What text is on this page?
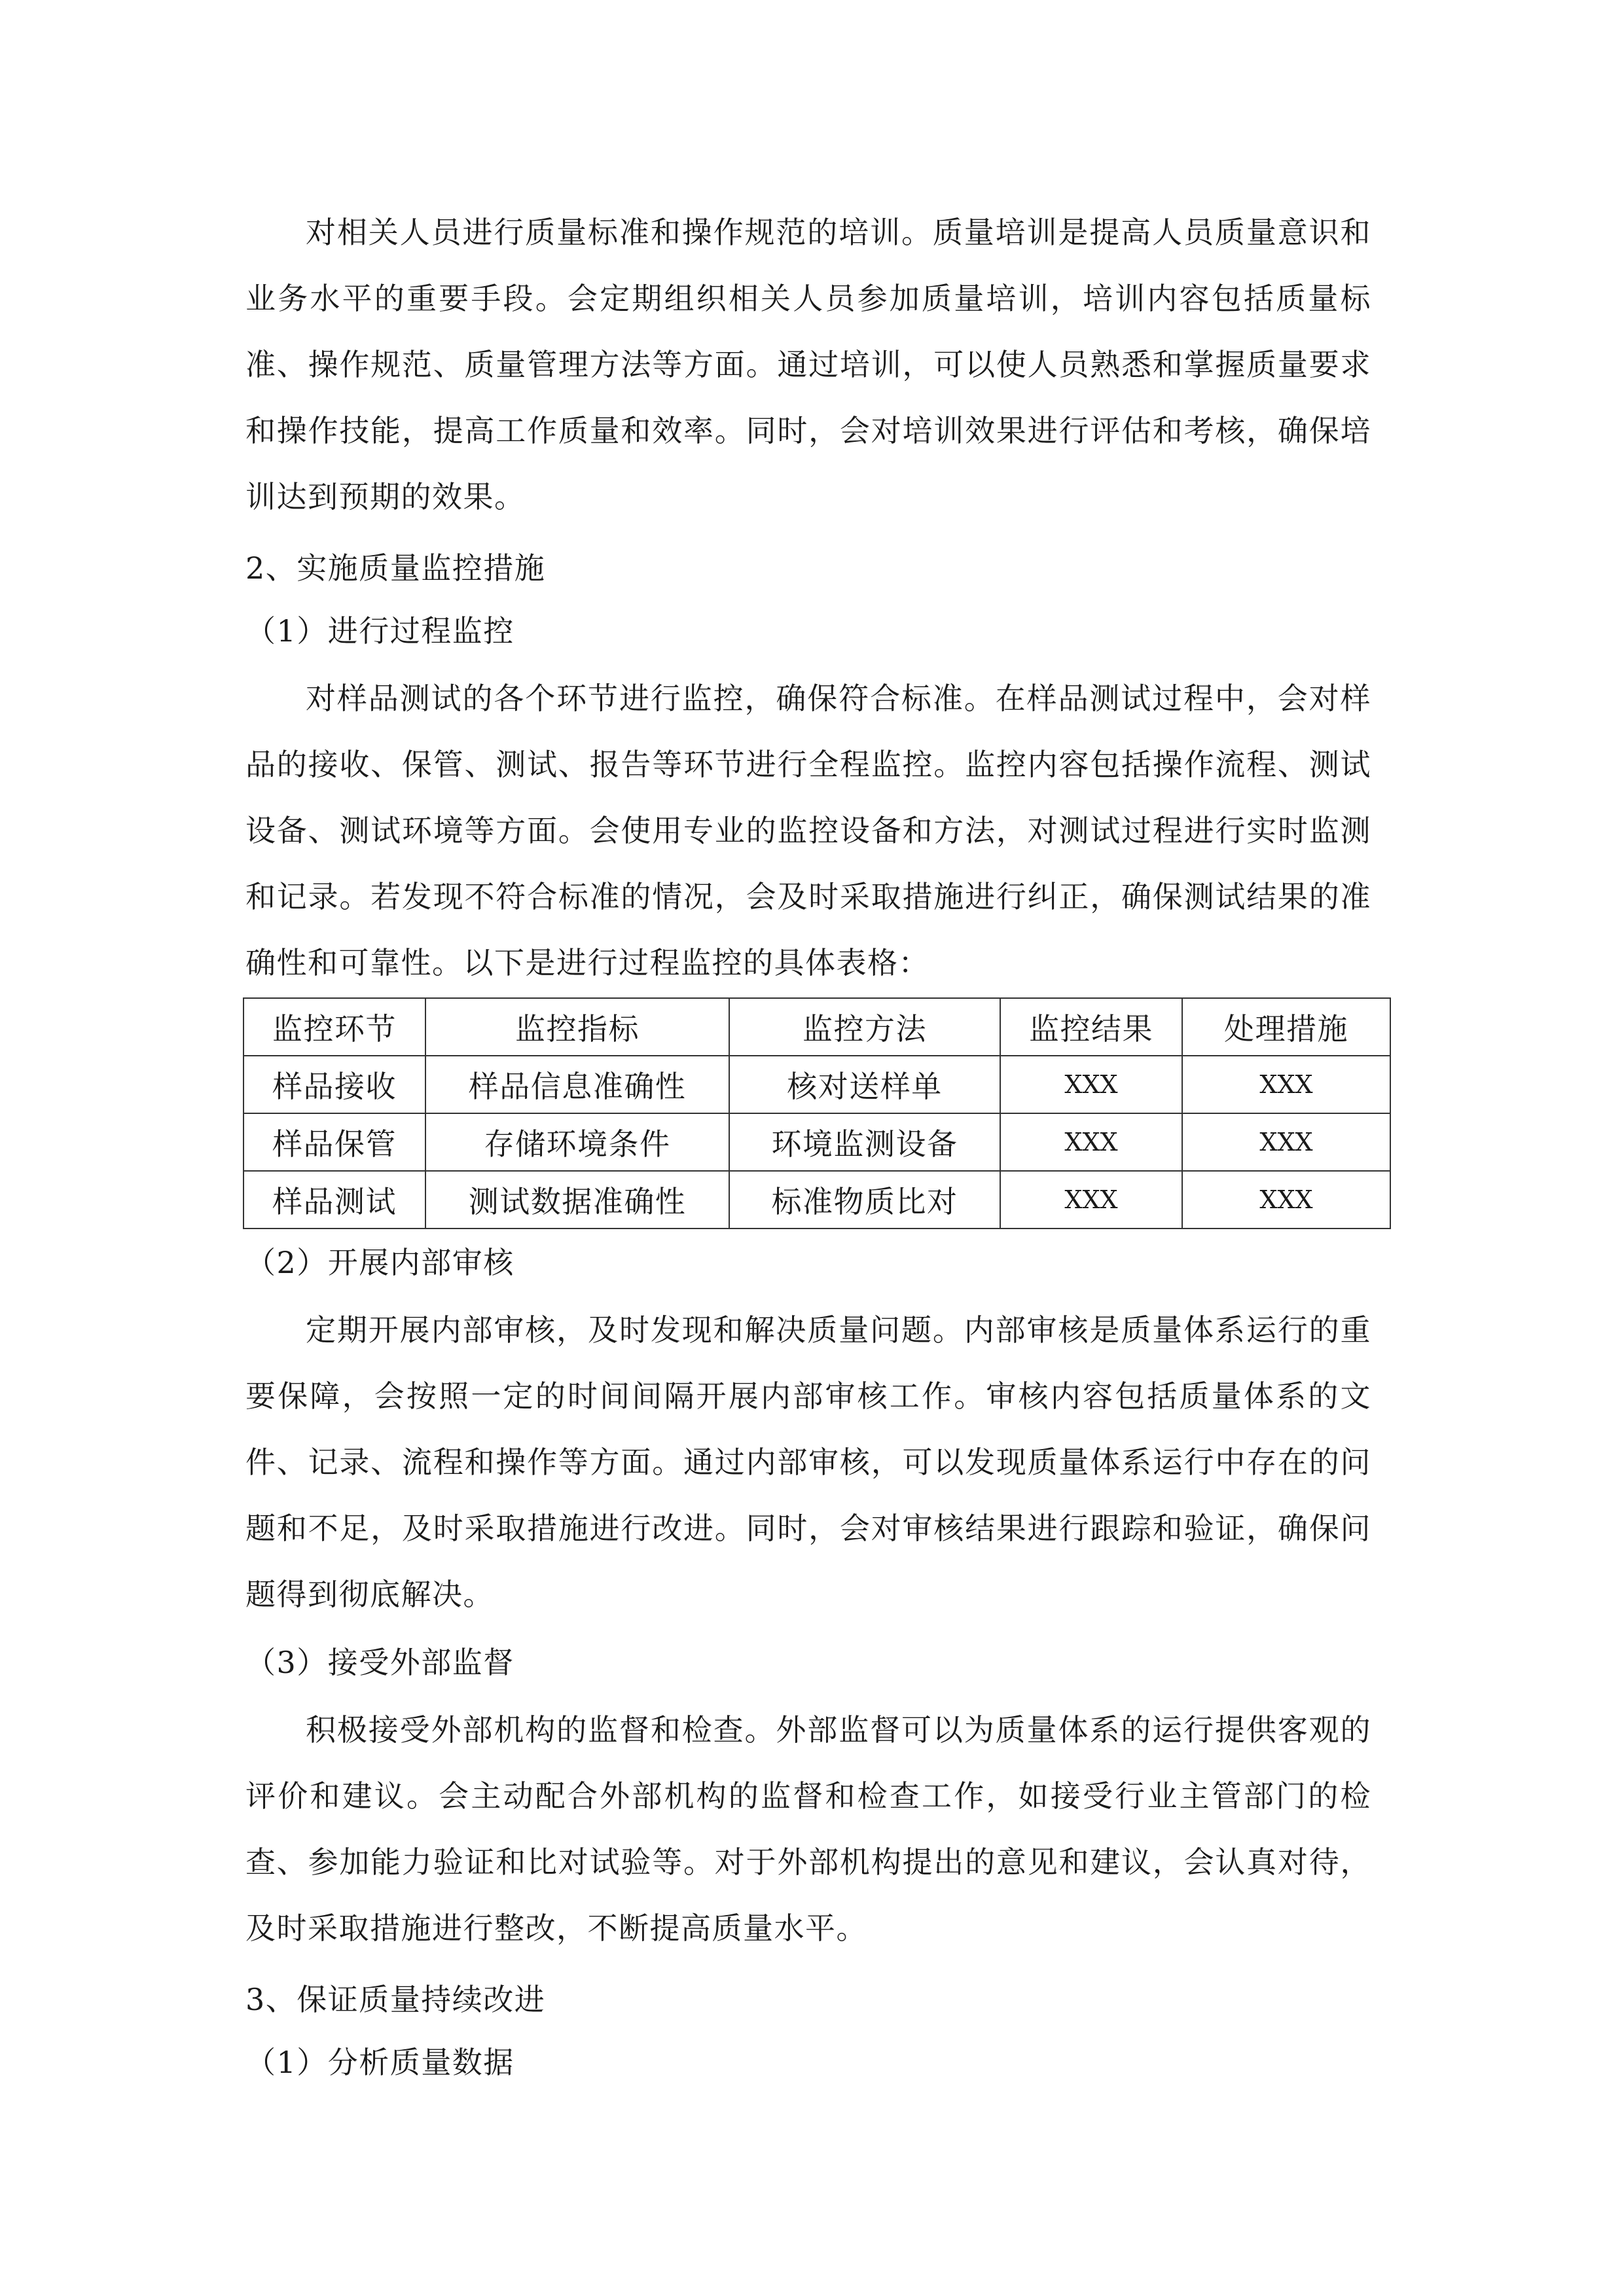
对相关人员进行质量标准和操作规范的培训。质量培训是提高人员质量意识和业务水平的重要手段。会定期组织相关人员参加质量培训，培训内容包括质量标准、操作规范、质量管理方法等方面。通过培训，可以使人员熟悉和掌握质量要求和操作技能，提高工作质量和效率。同时，会对培训效果进行评估和考核，确保培训达到预期的效果。

2、实施质量监控措施

（1）进行过程监控

对样品测试的各个环节进行监控，确保符合标准。在样品测试过程中，会对样品的接收、保管、测试、报告等环节进行全程监控。监控内容包括操作流程、测试设备、测试环境等方面。会使用专业的监控设备和方法，对测试过程进行实时监测和记录。若发现不符合标准的情况，会及时采取措施进行纠正，确保测试结果的准确性和可靠性。以下是进行过程监控的具体表格：

监控环节	监控指标	监控方法	监控结果	处理措施
样品接收	样品信息准确性	核对送样单	XXX	XXX
样品保管	存储环境条件	环境监测设备	XXX	XXX
样品测试	测试数据准确性	标准物质比对	XXX	XXX

（2）开展内部审核

定期开展内部审核，及时发现和解决质量问题。内部审核是质量体系运行的重要保障，会按照一定的时间间隔开展内部审核工作。审核内容包括质量体系的文件、记录、流程和操作等方面。通过内部审核，可以发现质量体系运行中存在的问题和不足，及时采取措施进行改进。同时，会对审核结果进行跟踪和验证，确保问题得到彻底解决。

（3）接受外部监督

积极接受外部机构的监督和检查。外部监督可以为质量体系的运行提供客观的评价和建议。会主动配合外部机构的监督和检查工作，如接受行业主管部门的检查、参加能力验证和比对试验等。对于外部机构提出的意见和建议，会认真对待，及时采取措施进行整改，不断提高质量水平。

3、保证质量持续改进

（1）分析质量数据
